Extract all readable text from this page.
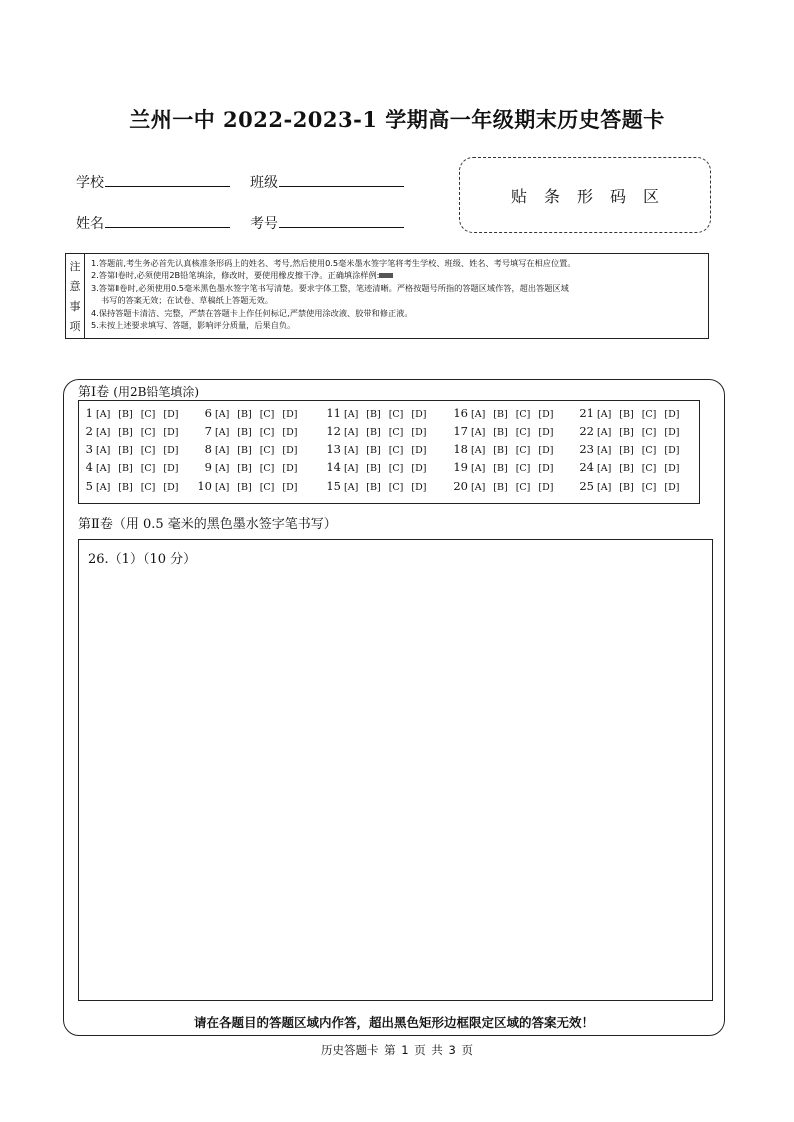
兰州一中 2022-2023-1 学期高一年级期末历史答题卡
学校	班级
姓名	考号
贴条形码区
注
意
事
项
1.答题前,考生务必首先认真核准条形码上的姓名、考号,然后使用0.5毫米墨水签字笔将考生学校、班级、姓名、考号填写在相应位置。
2.答第Ⅰ卷时,必须使用2B铅笔填涂，修改时，要使用橡皮擦干净。正确填涂样例:
3.答第Ⅱ卷时,必须使用0.5毫米黑色墨水签字笔书写清楚。要求字体工整，笔迹清晰。严格按题号所指的答题区域作答，超出答题区域
书写的答案无效；在试卷、草稿纸上答题无效。
4.保持答题卡清洁、完整，严禁在答题卡上作任何标记,严禁使用涂改液、胶带和修正液。
5.未按上述要求填写、答题，影响评分质量，后果自负。
第Ⅰ卷 (用2B铅笔填涂)
1 [A] [B] [C] [D]
2 [A] [B] [C] [D]
3 [A] [B] [C] [D]
4 [A] [B] [C] [D]
5 [A] [B] [C] [D]
6 [A] [B] [C] [D]
7 [A] [B] [C] [D]
8 [A] [B] [C] [D]
9 [A] [B] [C] [D]
10 [A] [B] [C] [D]
11 [A] [B] [C] [D]
12 [A] [B] [C] [D]
13 [A] [B] [C] [D]
14 [A] [B] [C] [D]
15 [A] [B] [C] [D]
16 [A] [B] [C] [D]
17 [A] [B] [C] [D]
18 [A] [B] [C] [D]
19 [A] [B] [C] [D]
20 [A] [B] [C] [D]
21 [A] [B] [C] [D]
22 [A] [B] [C] [D]
23 [A] [B] [C] [D]
24 [A] [B] [C] [D]
25 [A] [B] [C] [D]
第Ⅱ卷（用 0.5 毫米的黑色墨水签字笔书写）
26.（1）（10 分）
请在各题目的答题区域内作答，超出黑色矩形边框限定区域的答案无效！
历史答题卡 第 1 页 共 3 页
